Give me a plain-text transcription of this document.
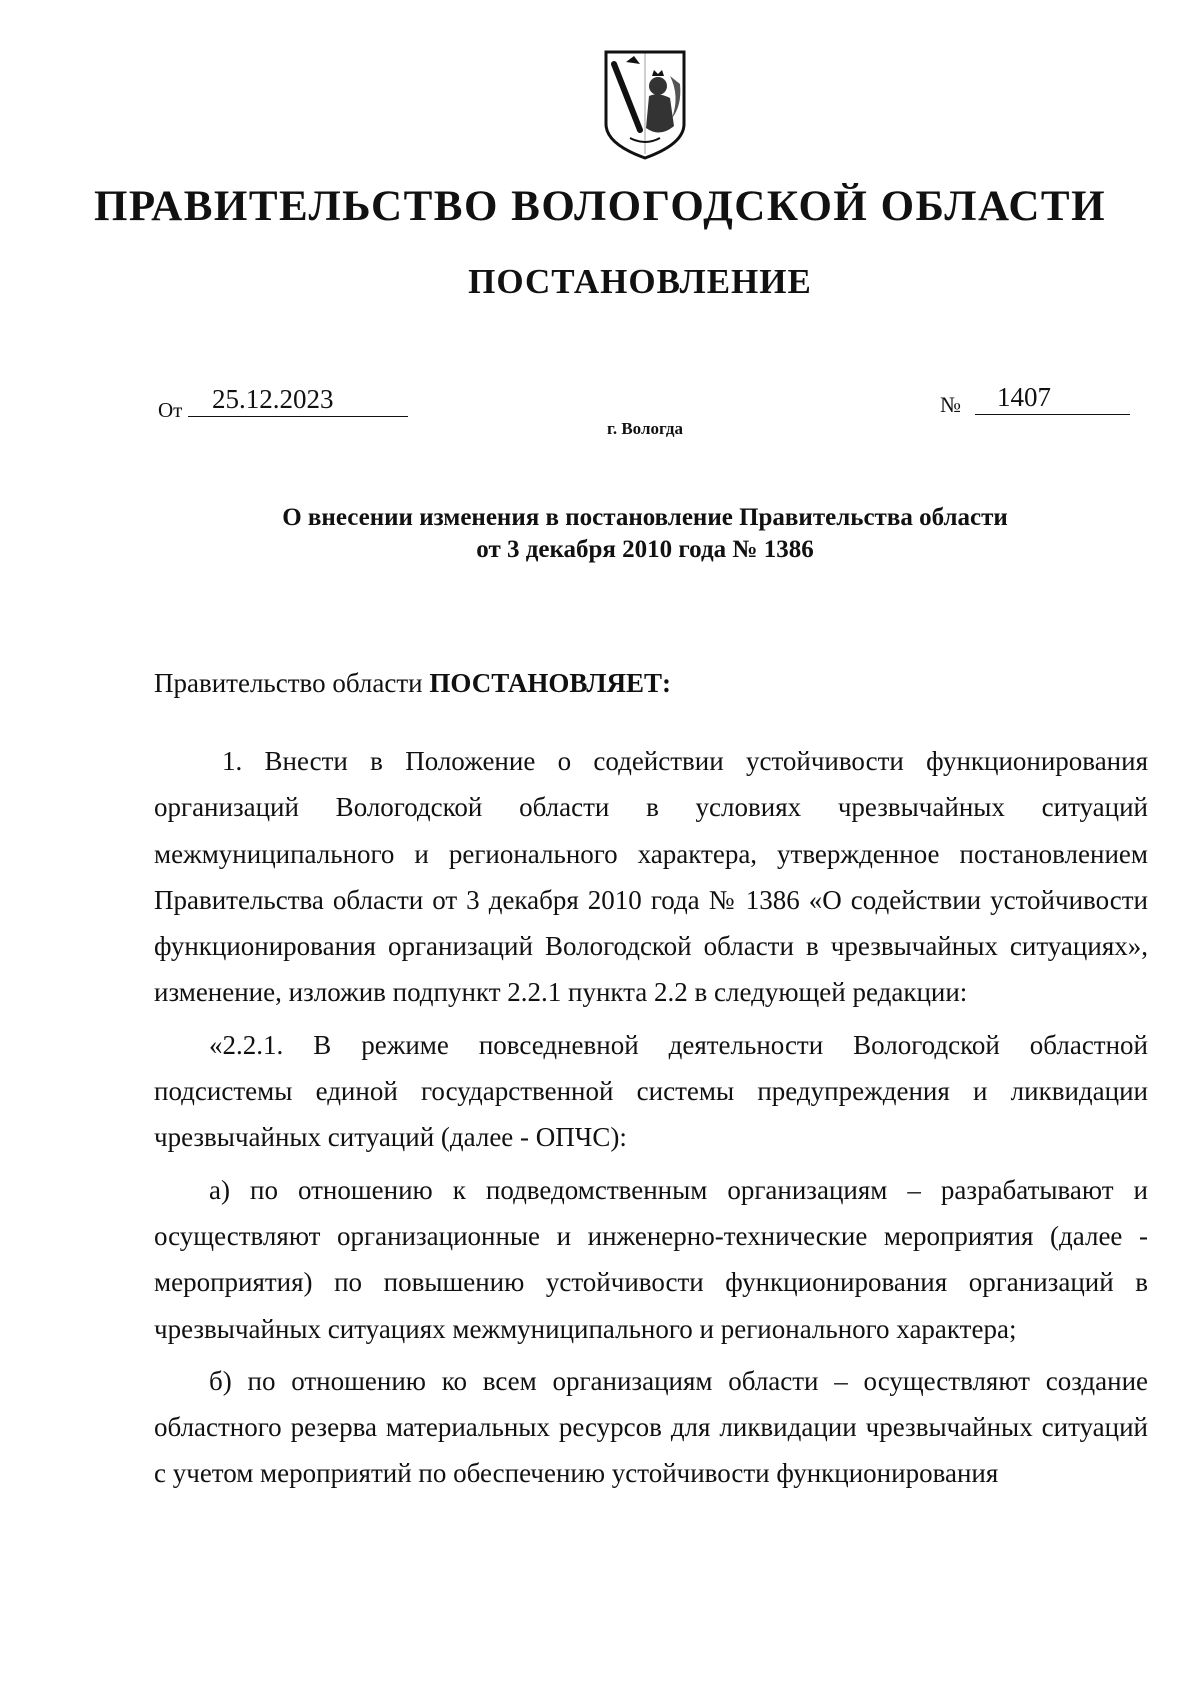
ПРАВИТЕЛЬСТВО ВОЛОГОДСКОЙ ОБЛАСТИ
ПОСТАНОВЛЕНИЕ
От	25.12.2023	№	1407
г. Вологда
О внесении изменения в постановление Правительства области
от 3 декабря 2010 года № 1386
Правительство области ПОСТАНОВЛЯЕТ:

1. Внести в Положение о содействии устойчивости функционирования организаций Вологодской области в условиях чрезвычайных ситуаций межмуниципального и регионального характера, утвержденное постановлением Правительства области от 3 декабря 2010 года № 1386 «О содействии устойчивости функционирования организаций Вологодской области в чрезвычайных ситуациях», изменение, изложив подпункт 2.2.1 пункта 2.2 в следующей редакции:

«2.2.1. В режиме повседневной деятельности Вологодской областной подсистемы единой государственной системы предупреждения и ликвидации чрезвычайных ситуаций (далее - ОПЧС):

а) по отношению к подведомственным организациям – разрабатывают и осуществляют организационные и инженерно-технические мероприятия (далее - мероприятия) по повышению устойчивости функционирования организаций в чрезвычайных ситуациях межмуниципального и регионального характера;

б) по отношению ко всем организациям области – осуществляют создание областного резерва материальных ресурсов для ликвидации чрезвычайных ситуаций с учетом мероприятий по обеспечению устойчивости функционирования
